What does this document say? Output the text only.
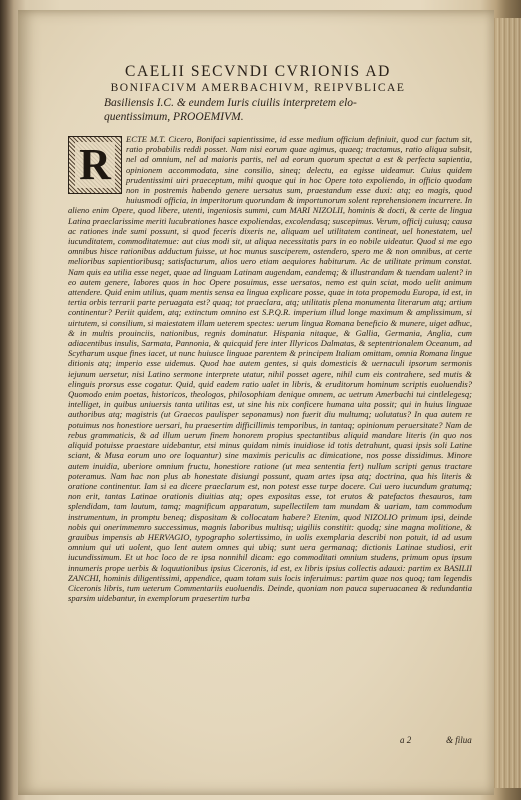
CAELII SECVNDI CVRIONIS AD
BONIFACIVM AMERBACHIVM, REIPVBLICAE
Basiliensis I.C. & eundem Iuris ciuilis interpretem elo-
quentissimum, PROOEMIVM.

ECTE M.T. Cicero, Bonifaci sapientissime, id esse medium officium definiuit, quod cur factum sit, ratio probabilis reddi posset. Nam nisi eorum quae agimus, quaeq; tractamus, ratio aliqua subsit, nel ad omnium, nel ad maioris partis, nel ad eorum quorum spectat a est & perfecta sapientia, opinionem accommodata, sine consilio, sineq; delectu, ea egisse uideamur. Cuius quidem prudentissimi uiri praeceptum, mihi quoque qui in hoc Opere toto expoliendo, in officio quodam non in postremis habendo genere uersatus sum, praestandum esse duxi: atq; eo magis, quod huiusmodi officia, in imperitorum quorundam & importunorum solent reprehensionem incurrere. In alieno enim Opere, quod libere, utenti, ingeniosis summi, cum MARI NIZOLII, hominis & docti, & certe de lingua Latina praeclarissime meriti lucubrationes hasce expoliendas, excolendasq; suscepimus. Verum, officij cuiusq; causa ac rationes inde sumi possunt, si quod feceris dixeris ne, aliquam uel utilitatem contineat, uel honestatem, uel iucunditatem, commoditatemue: aut cius modi sit, ut aliqua necessitatis pars in eo nobile uideatur. Quod si me ego omnibus hisce rationibus adductum fuisse, ut hoc munus susciperem, ostendero, spero me & non omnibus, at certe melioribus sapientioribusq; satisfacturum, alios uero etiam aequiores habiturum. Ac de utilitate primum constat. Nam quis ea utilia esse neget, quae ad linguam Latinam augendam, eandemq; & illustrandam & tuendam ualent? in eo autem genere, labores quos in hoc Opere posuimus, esse uersatos, nemo est quin sciat, modo uelit animum attendere. Quid enim utilius, quam mentis sensa ea lingua explicare posse, quae in tota propemodu Europa, id est, in tertia orbis terrarii parte peruagata est? quaq; tot praeclara, atq; utilitatis plena monumenta literarum atq; artium continentur? Periit quidem, atq; extinctum omnino est S.P.Q.R. imperium illud longe maximum & amplissimum, si uirtutem, si consilium, si maiestatem illam ueterem spectes: uerum lingua Romana beneficio & munere, uiget adhuc, & in multis prouinciis, nationibus, regnis dominatur. Hispania nitaque, & Gallia, Germania, Anglia, cum adiacentibus insulis, Sarmata, Pannonia, & quicquid fere inter Illyricos Dalmatas, & septentrionalem Oceanum, ad Scytharum usque fines iacet, ut nunc huiusce linguae parentem & principem Italiam omittam, omnia Romana lingue ditionis atq; imperio esse uidemus. Quod hae autem gentes, si quis domesticis & uernaculi ipsorum sermonis iejunum uersetur, nisi Latino sermone interprete utatur, nihil posset agere, nihil cum eis contrahere, sed mutis & elinguis prorsus esse cogatur. Quid, quid eadem ratio ualet in libris, & eruditorum hominum scriptis euoluendis? Quomodo enim poetas, historicos, theologos, philosophiam denique omnem, ac uetrum Amerbachi tui cintlelegesq; intelliget, in quibus uniuersis tanta utilitas est, ut sine his nix conficere humana uita possit; qui in huius linguae authoribus atq; magistris (ut Graecos paulisper seponamus) non fuerit diu multumq; uolutatus? In qua autem re potuimus nos honestiore uersari, hu praesertim difficillimis temporibus, in tantaq; opinionum peruersitate? Nam de rebus grammaticis, & ad illum uerum finem honorem propius spectantibus aliquid mandare literis (in quo nos aliquid potuisse praestare uidebantur, etsi minus quidam nimis inuidiose id totis detrahunt, quasi ipsis soli Latine sciant, & Musa eorum uno ore loquantur) sine maximis periculis ac dimicatione, nos posse dissidimus. Minore autem inuidia, uberiore omnium fructu, honestiore ratione (ut mea sententia fert) nullum scripti genus tractare poteramus. Nam hac non plus ab honestate disiungi possunt, quam artes ipsa atq; doctrina, qua his literis & oratione continentur. Iam si ea dicere praeclarum est, non potest esse turpe docere. Cui uero iucundum gratumq; non erit, tantas Latinae orationis diuitias atq; opes expositas esse, tot erutos & patefactos thesauros, tam splendidam, tam lautum, tamq; magnificum apparatum, supellectilem tam mundam & uariam, tam commodum instrumentum, in promptu beneq; dispositam & collocatam habere? Etenim, quod NIZOLIO primum ipsi, deinde nobis qui onerimmemro successimus, magnis laboribus multisq; uigiliis constitit: quodq; sine magna molitione, & grauibus impensis ab HERVAGIO, typographo solertissimo, in uolis exemplaria describi non potuit, id ad usum omnium qui uti uolent, quo lent autem omnes qui ubiq; sunt uera germanaq; dictionis Latinae studiosi, erit iucundissimum. Et ut hoc loco de re ipsa nonnihil dicam: ego commoditati omnium studens, primum opus ipsum innumeris prope uerbis & loquutionibus ipsius Ciceronis, id est, ex libris ipsius collectis adauxi: partim ex BASILII ZANCHI, hominis diligentissimi, appendice, quam totam suis locis inferuimus: partim quae nos quoq; tam legendis Ciceronis libris, tum ueterum Commentariis euoluendis. Deinde, quoniam non pauca superuacanea & redundantia sparsim uidebantur, in exemplorum praesertim turba

R
a 2	& filua
